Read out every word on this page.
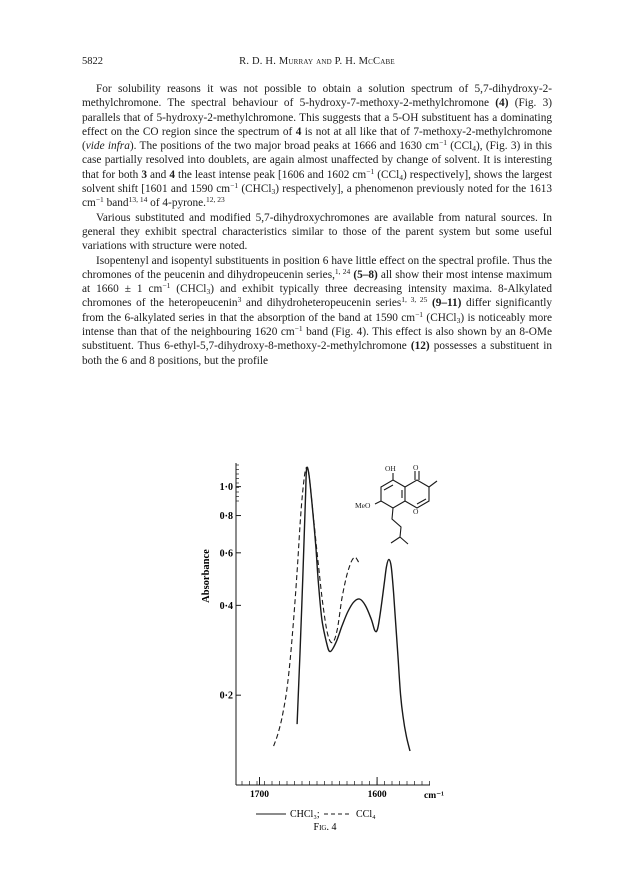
5822	R. D. H. Murray and P. H. McCabe

For solubility reasons it was not possible to obtain a solution spectrum of 5,7-dihydroxy-2-methylchromone. The spectral behaviour of 5-hydroxy-7-methoxy-2-methylchromone (4) (Fig. 3) parallels that of 5-hydroxy-2-methylchromone. This suggests that a 5-OH substituent has a dominating effect on the CO region since the spectrum of 4 is not at all like that of 7-methoxy-2-methylchromone (vide infra). The positions of the two major broad peaks at 1666 and 1630 $cm^{-1}$ (CCl$_4$), (Fig. 3) in this case partially resolved into doublets, are again almost unaffected by change of solvent. It is interesting that for both 3 and 4 the least intense peak [1606 and 1602 $cm^{-1}$ (CCl$_4$) respectively], shows the largest solvent shift [1601 and 1590 $cm^{-1}$ (CHCl$_3$) respectively], a phenomenon previously noted for the 1613 $cm^{-1}$ band$^{13, 14}$ of 4-pyrone.$^{12, 23}$

Various substituted and modified 5,7-dihydroxychromones are available from natural sources. In general they exhibit spectral characteristics similar to those of the parent system but some useful variations with structure were noted.

Isopentenyl and isopentyl substituents in position 6 have little effect on the spectral profile. Thus the chromones of the peucenin and dihydropeucenin series,$^{1, 24}$ (5–8) all show their most intense maximum at 1660 ± 1 $cm^{-1}$ (CHCl$_3$) and exhibit typically three decreasing intensity maxima. 8-Alkylated chromones of the heteropeucenin$^3$ and dihydroheteropeucenin series$^{1, 3, 25}$ (9–11) differ significantly from the 6-alkylated series in that the absorption of the band at 1590 $cm^{-1}$ (CHCl$_3$) is noticeably more intense than that of the neighbouring 1620 $cm^{-1}$ band (Fig. 4). This effect is also shown by an 8-OMe substituent. Thus 6-ethyl-5,7-dihydroxy-8-methoxy-2-methylchromone (12) possesses a substituent in both the 6 and 8 positions, but the profile

1·0
0·8
0·6
0·4
0·2
1700	1600
Absorbance
cm⁻¹
OH O
MeO
O
CHCl₃;	CCl₄
Fig. 4
